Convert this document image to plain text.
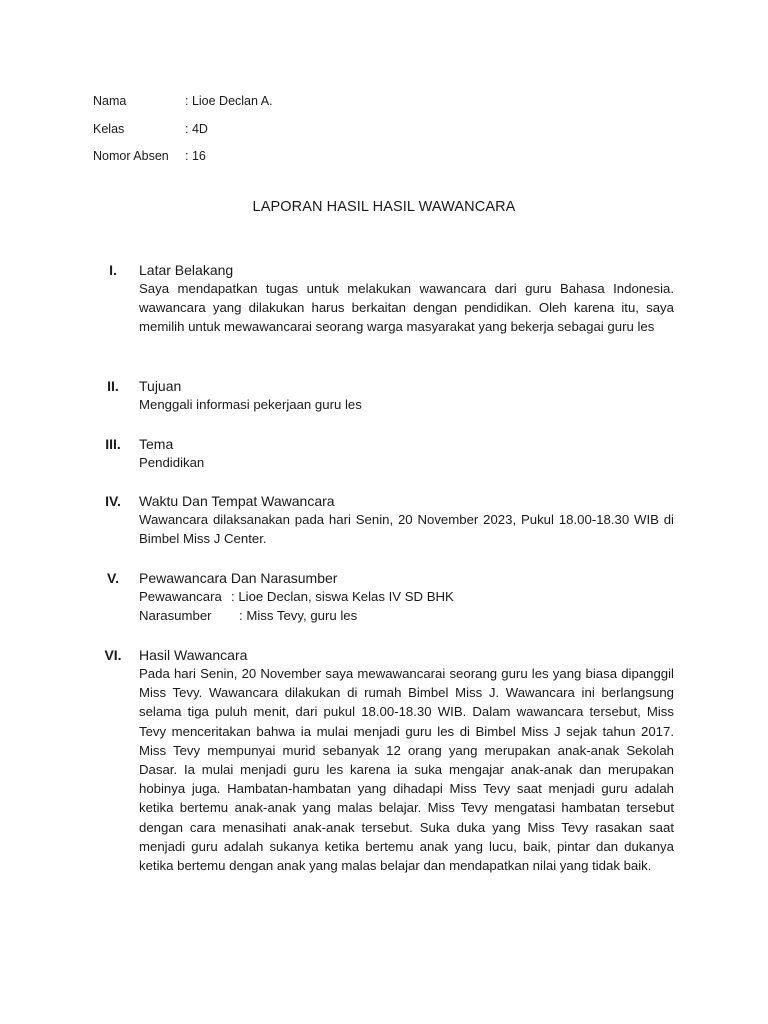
Nama	: Lioe Declan A.
Kelas	: 4D
Nomor Absen	: 16
LAPORAN HASIL HASIL WAWANCARA
I.	Latar Belakang
Saya mendapatkan tugas untuk melakukan wawancara dari guru Bahasa Indonesia. wawancara yang dilakukan harus berkaitan dengan pendidikan. Oleh karena itu, saya memilih untuk mewawancarai seorang warga masyarakat yang bekerja sebagai guru les
II.	Tujuan
Menggali informasi pekerjaan guru les
III.	Tema
Pendidikan
IV.	Waktu Dan Tempat Wawancara
Wawancara dilaksanakan pada hari Senin, 20 November 2023, Pukul 18.00-18.30 WIB di Bimbel Miss J Center.
V.	Pewawancara Dan Narasumber
Pewawancara : Lioe Declan, siswa Kelas IV SD BHK
Narasumber	: Miss Tevy, guru les
VI.	Hasil Wawancara
Pada hari Senin, 20 November saya mewawancarai seorang guru les yang biasa dipanggil Miss Tevy. Wawancara dilakukan di rumah Bimbel Miss J. Wawancara ini berlangsung selama tiga puluh menit, dari pukul 18.00-18.30 WIB. Dalam wawancara tersebut, Miss Tevy menceritakan bahwa ia mulai menjadi guru les di Bimbel Miss J sejak tahun 2017. Miss Tevy mempunyai murid sebanyak 12 orang yang merupakan anak-anak Sekolah Dasar. Ia mulai menjadi guru les karena ia suka mengajar anak-anak dan merupakan hobinya juga. Hambatan-hambatan yang dihadapi Miss Tevy saat menjadi guru adalah ketika bertemu anak-anak yang malas belajar. Miss Tevy mengatasi hambatan tersebut dengan cara menasihati anak-anak tersebut. Suka duka yang Miss Tevy rasakan saat menjadi guru adalah sukanya ketika bertemu anak yang lucu, baik, pintar dan dukanya ketika bertemu dengan anak yang malas belajar dan mendapatkan nilai yang tidak baik.
